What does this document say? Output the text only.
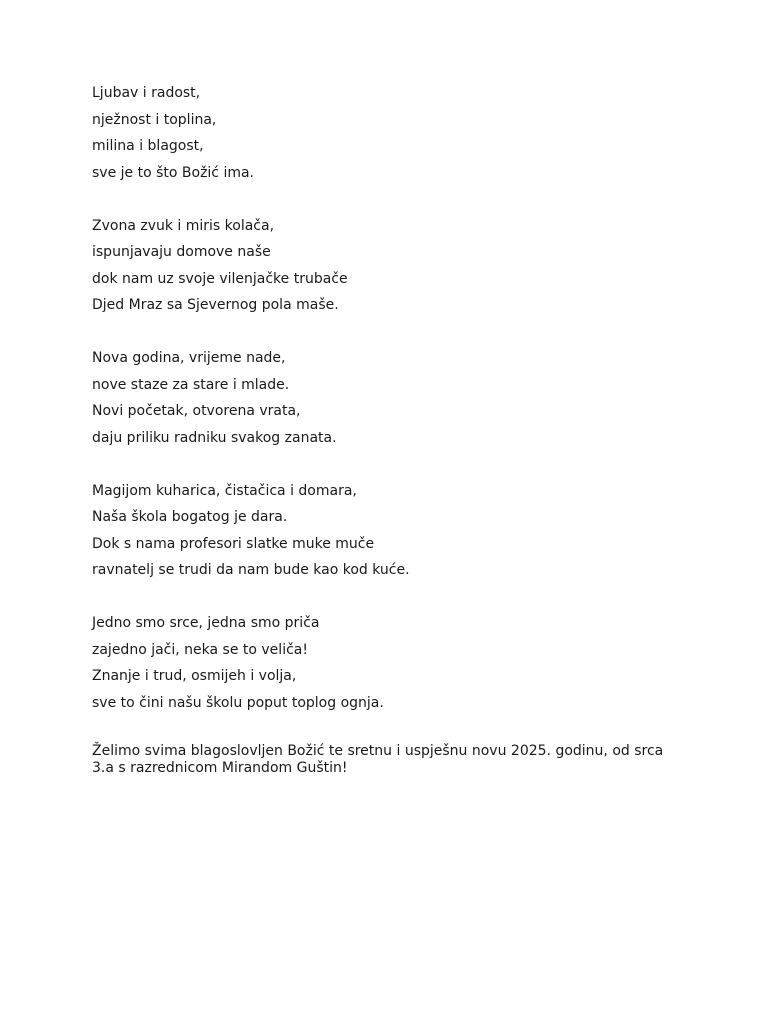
Ljubav i radost,
nježnost i toplina,
milina i blagost,
sve je to što Božić ima.
Zvona zvuk i miris kolača,
ispunjavaju domove naše
dok nam uz svoje vilenjačke trubače
Djed Mraz sa Sjevernog pola maše.
Nova godina, vrijeme nade,
nove staze za stare i mlade.
Novi početak, otvorena vrata,
daju priliku radniku svakog zanata.
Magijom kuharica, čistačica i domara,
Naša škola bogatog je dara.
Dok s nama profesori slatke muke muče
ravnatelj se trudi da nam bude kao kod kuće.
Jedno smo srce, jedna smo priča
zajedno jači, neka se to veliča!
Znanje i trud, osmijeh i volja,
sve to čini našu školu poput toplog ognja.
Želimo svima blagoslovljen Božić te sretnu i uspješnu novu 2025. godinu, od srca 3.a s razrednicom Mirandom Guštin!
